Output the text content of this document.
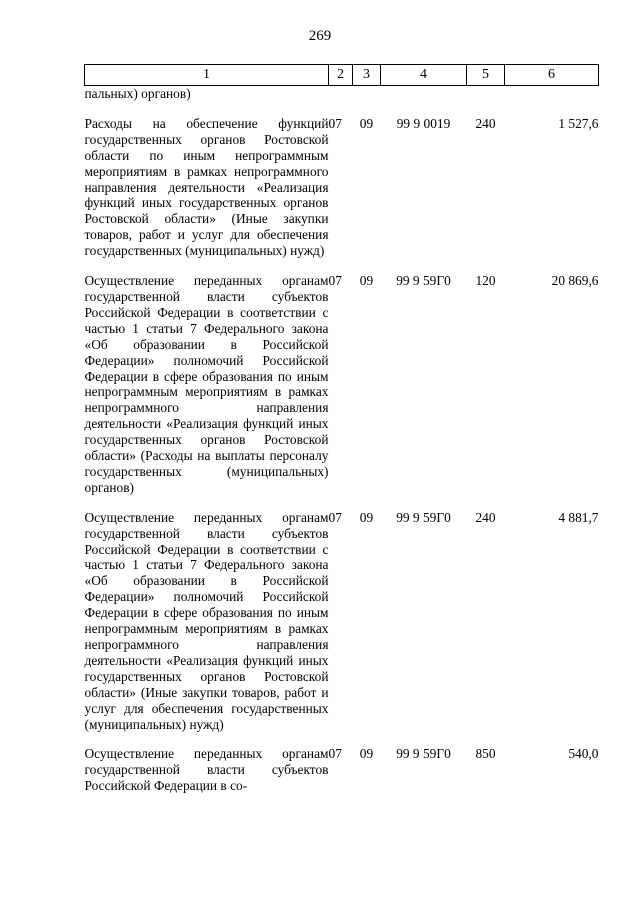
269
1	2	3	4	5	6
пальных) органов)					

Расходы на обеспечение функций государственных органов Ростовской области по иным непрограммным мероприятиям в рамках непрограммного направления деятельности «Реализация функций иных государственных органов Ростовской области» (Иные закупки товаров, работ и услуг для обеспечения государственных (муниципальных) нужд)	07	09	99 9 0019	240	1 527,6

Осуществление переданных органам государственной власти субъектов Российской Федерации в соответствии с частью 1 статьи 7 Федерального закона «Об образовании в Российской Федерации» полномочий Российской Федерации в сфере образования по иным непрограммным мероприятиям в рамках непрограммного направления деятельности «Реализация функций иных государственных органов Ростовской области» (Расходы на выплаты персоналу государственных (муниципальных) органов)	07	09	99 9 59Г0	120	20 869,6

Осуществление переданных органам государственной власти субъектов Российской Федерации в соответствии с частью 1 статьи 7 Федерального закона «Об образовании в Российской Федерации» полномочий Российской Федерации в сфере образования по иным непрограммным мероприятиям в рамках непрограммного направления деятельности «Реализация функций иных государственных органов Ростовской области» (Иные закупки товаров, работ и услуг для обеспечения государственных (муниципальных) нужд)	07	09	99 9 59Г0	240	4 881,7

Осуществление переданных органам государственной власти субъектов Российской Федерации в со-	07	09	99 9 59Г0	850	540,0
